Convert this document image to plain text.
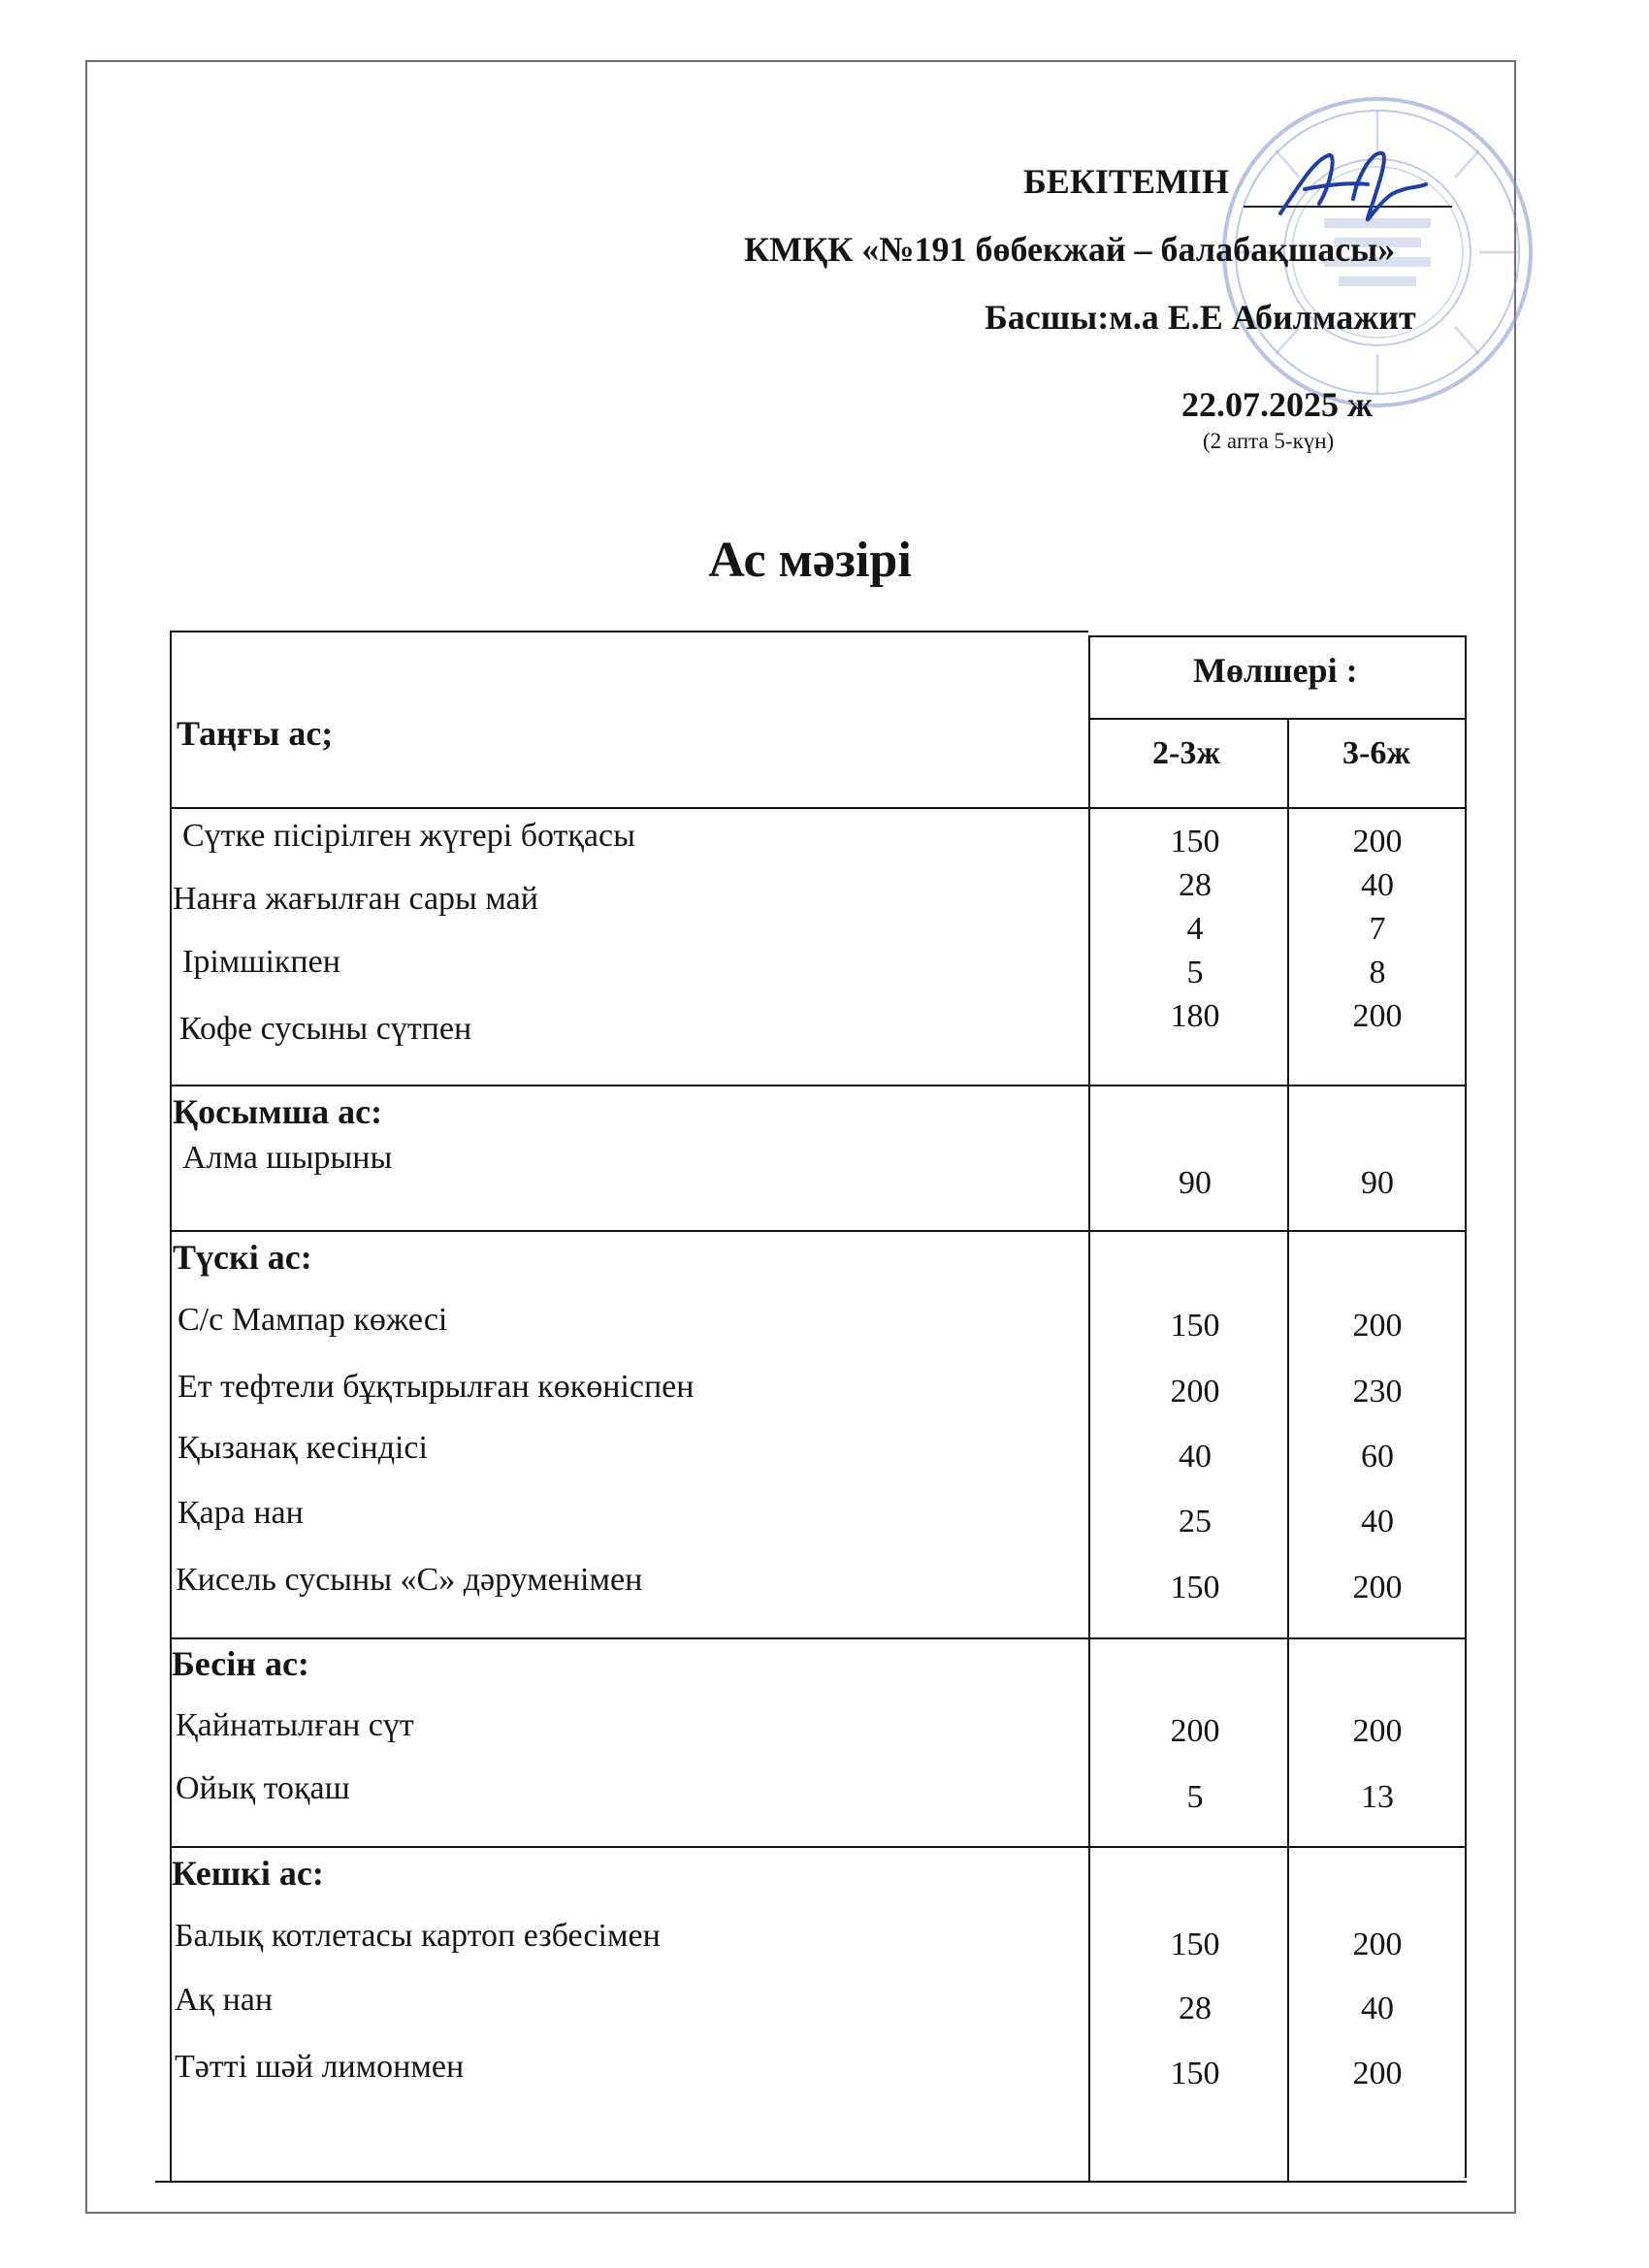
БЕКІТЕМІН
КМҚК «№191 бөбекжай – балабақшасы»
Басшы:м.а Е.Е Абилмажит
22.07.2025 ж
(2 апта 5-күн)
Ас мәзірі
Таңғы ас;
Мөлшері :
2-3ж	3-6ж
Сүтке пісірілген жүгері ботқасы
Нанға жағылған сары май
Ірімшікпен
Кофе сусыны сүтпен
150
28
4
5
180
200
40
7
8
200
Қосымша ас:
Алма шырыны
90	90
Түскі ас:
С/с Мампар көжесі
Ет тефтели бұқтырылған көкөніспен
Қызанақ кесіндісі
Қара нан
Кисель сусыны «С» дәруменімен
150
200
40
25
150
200
230
60
40
200
Бесін ас:
Қайнатылған сүт
Ойық тоқаш
200
5
200
13
Кешкі ас:
Балық котлетасы картоп езбесімен
Ақ нан
Тәтті шәй лимонмен
150
28
150
200
40
200
